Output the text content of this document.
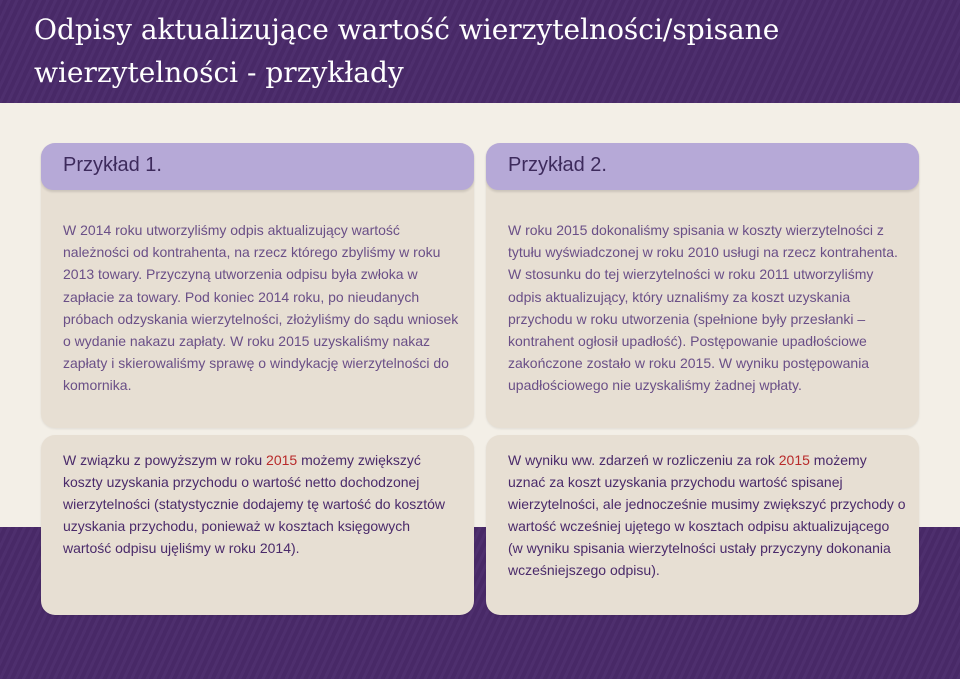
Odpisy aktualizujące wartość wierzytelności/spisane wierzytelności - przykłady
Przykład 1.

W 2014 roku utworzyliśmy odpis aktualizujący wartość należności od kontrahenta, na rzecz którego zbyliśmy w roku 2013 towary. Przyczyną utworzenia odpisu była zwłoka w zapłacie za towary. Pod koniec 2014 roku, po nieudanych próbach odzyskania wierzytelności, złożyliśmy do sądu wniosek o wydanie nakazu zapłaty. W roku 2015 uzyskaliśmy nakaz zapłaty i skierowaliśmy sprawę o windykację wierzytelności do komornika.

Przykład 2.

W roku 2015 dokonaliśmy spisania w koszty wierzytelności z tytułu wyświadczonej w roku 2010 usługi na rzecz kontrahenta. W stosunku do tej wierzytelności w roku 2011 utworzyliśmy odpis aktualizujący, który uznaliśmy za koszt uzyskania przychodu w roku utworzenia (spełnione były przesłanki – kontrahent ogłosił upadłość). Postępowanie upadłościowe zakończone zostało w roku 2015. W wyniku postępowania upadłościowego nie uzyskaliśmy żadnej wpłaty.

W związku z powyższym w roku 2015 możemy zwiększyć koszty uzyskania przychodu o wartość netto dochodzonej wierzytelności (statystycznie dodajemy tę wartość do kosztów uzyskania przychodu, ponieważ w kosztach księgowych wartość odpisu ujęliśmy w roku 2014).

W wyniku ww. zdarzeń w rozliczeniu za rok 2015 możemy uznać za koszt uzyskania przychodu wartość spisanej wierzytelności, ale jednocześnie musimy zwiększyć przychody o wartość wcześniej ujętego w kosztach odpisu aktualizującego (w wyniku spisania wierzytelności ustały przyczyny dokonania wcześniejszego odpisu).
